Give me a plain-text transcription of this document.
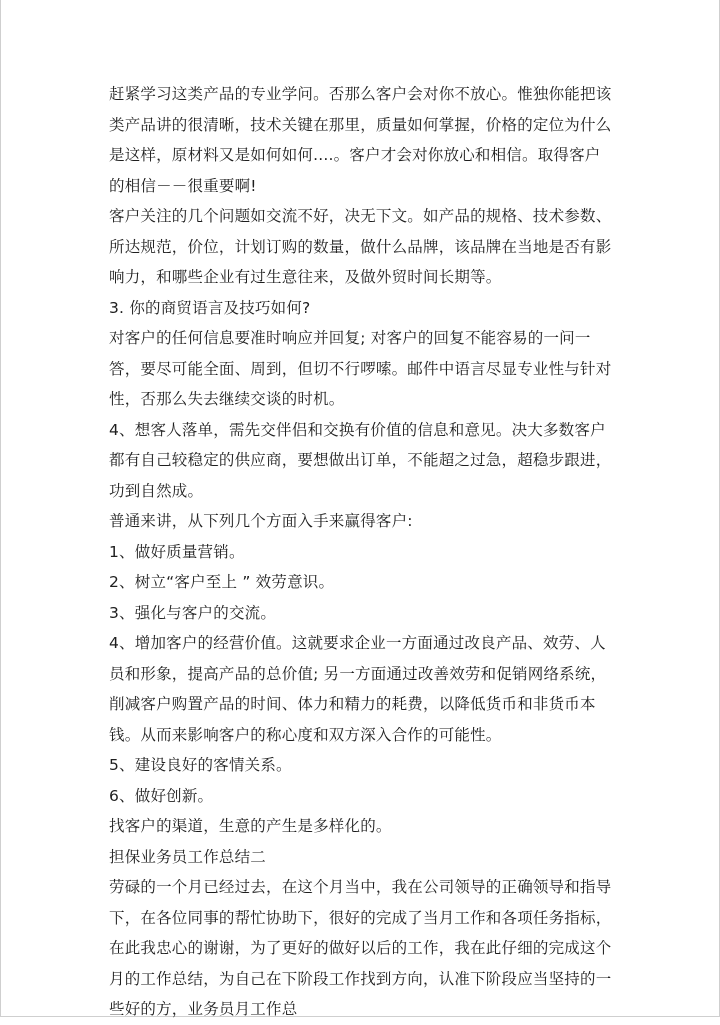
赶紧学习这类产品的专业学问。否那么客户会对你不放心。惟独你能把该类产品讲的很清晰，技术关键在那里，质量如何掌握，价格的定位为什么是这样，原材料又是如何如何....。客户才会对你放心和相信。取得客户的相信－－很重要啊!

客户关注的几个问题如交流不好，决无下文。如产品的规格、技术参数、所达规范，价位，计划订购的数量，做什么品牌，该品牌在当地是否有影响力，和哪些企业有过生意往来，及做外贸时间长期等。

3. 你的商贸语言及技巧如何?

对客户的任何信息要准时响应并回复; 对客户的回复不能容易的一问一答，要尽可能全面、周到，但切不行啰嗦。邮件中语言尽显专业性与针对性，否那么失去继续交谈的时机。

4、想客人落单，需先交伴侣和交换有价值的信息和意见。决大多数客户都有自己较稳定的供应商，要想做出订单，不能超之过急，超稳步跟进，功到自然成。

普通来讲，从下列几个方面入手来赢得客户:

1、做好质量营销。

2、树立“客户至上 ” 效劳意识。

3、强化与客户的交流。

4、增加客户的经营价值。这就要求企业一方面通过改良产品、效劳、人员和形象，提高产品的总价值; 另一方面通过改善效劳和促销网络系统，削减客户购置产品的时间、体力和精力的耗费，以降低货币和非货币本钱。从而来影响客户的称心度和双方深入合作的可能性。

5、建设良好的客情关系。

6、做好创新。

找客户的渠道，生意的产生是多样化的。

担保业务员工作总结二

劳碌的一个月已经过去，在这个月当中，我在公司领导的正确领导和指导下，在各位同事的帮忙协助下，很好的完成了当月工作和各项任务指标，在此我忠心的谢谢，为了更好的做好以后的工作，我在此仔细的完成这个月的工作总结，为自己在下阶段工作找到方向，认准下阶段应当坚持的一些好的方，业务员月工作总
